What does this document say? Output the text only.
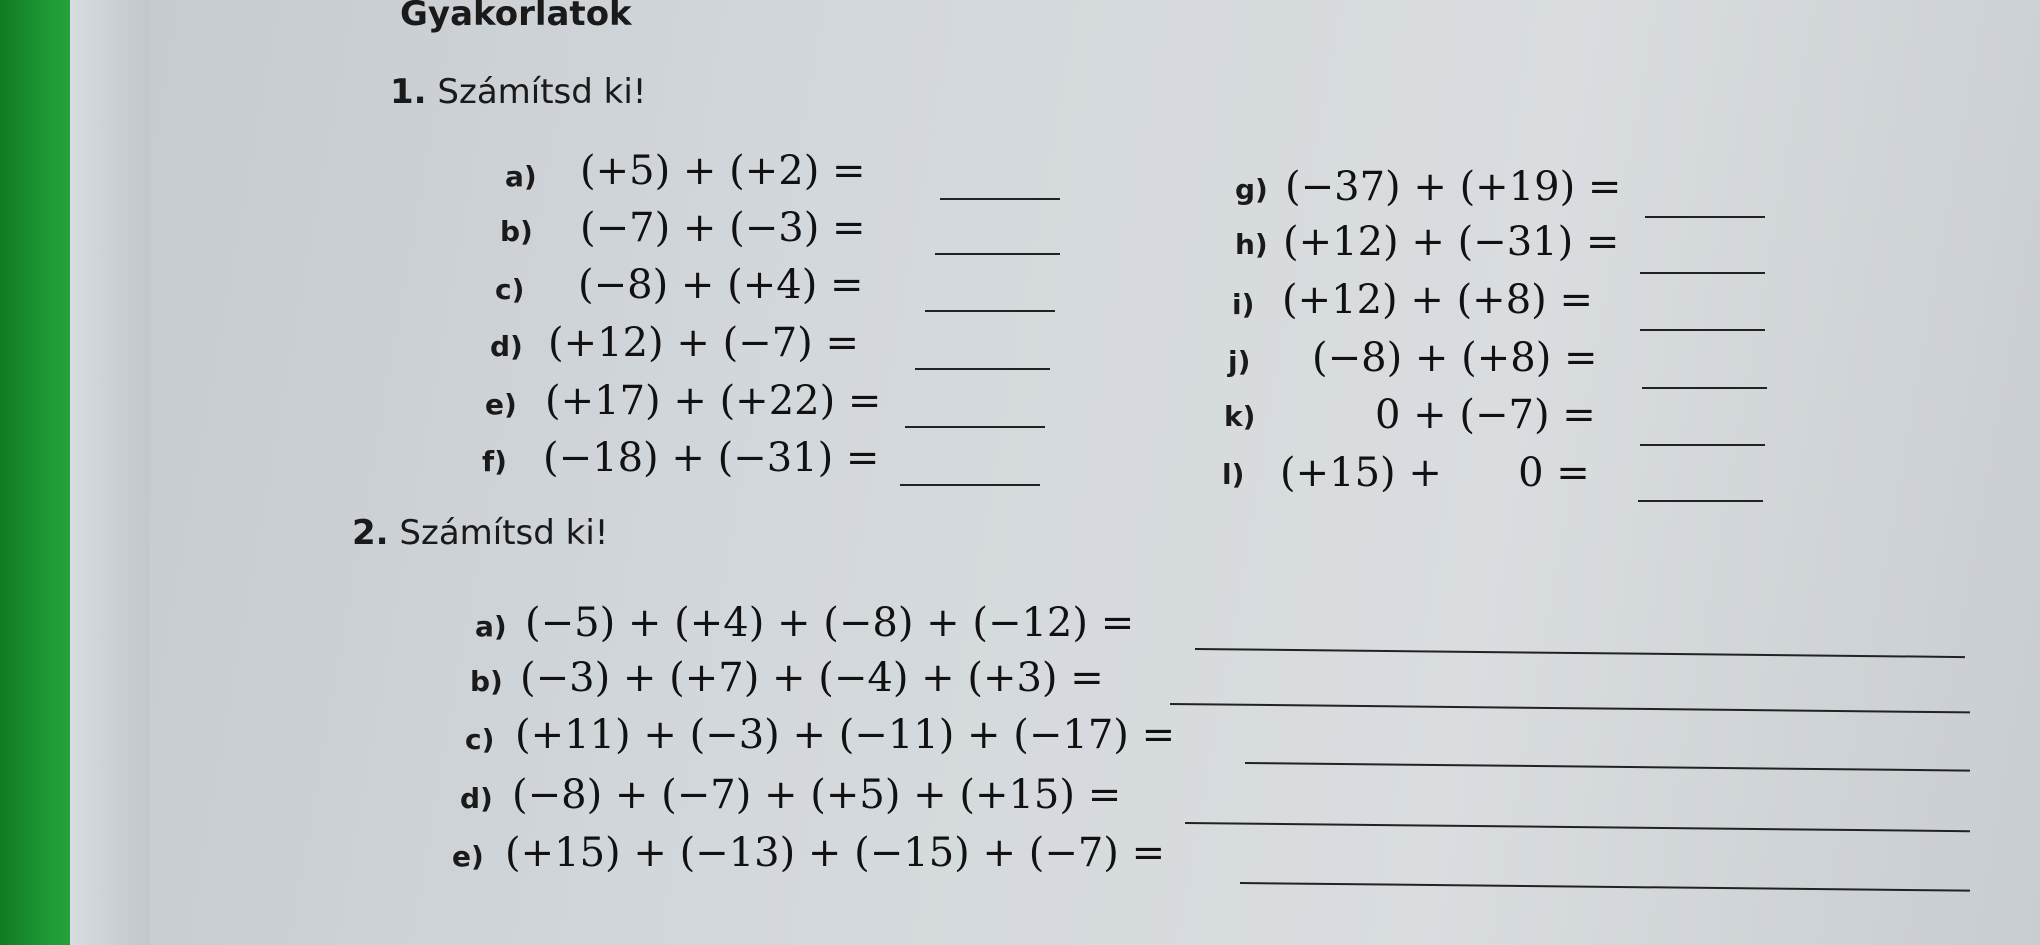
Gyakorlatok
1. Számítsd ki!
a) (+5) + (+2) =
b) (−7) + (−3) =
c) (−8) + (+4) =
d) (+12) + (−7) =
e) (+17) + (+22) =
f) (−18) + (−31) =
g) (−37) + (+19) =
h) (+12) + (−31) =
i) (+12) + (+8) =
j) (−8) + (+8) =
k)	0 + (−7) =
l) (+15) +      0 =
2. Számítsd ki!
a) (−5) + (+4) + (−8) + (−12) =
b) (−3) + (+7) + (−4) + (+3) =
c) (+11) + (−3) + (−11) + (−17) =
d) (−8) + (−7) + (+5) + (+15) =
e) (+15) + (−13) + (−15) + (−7) =
